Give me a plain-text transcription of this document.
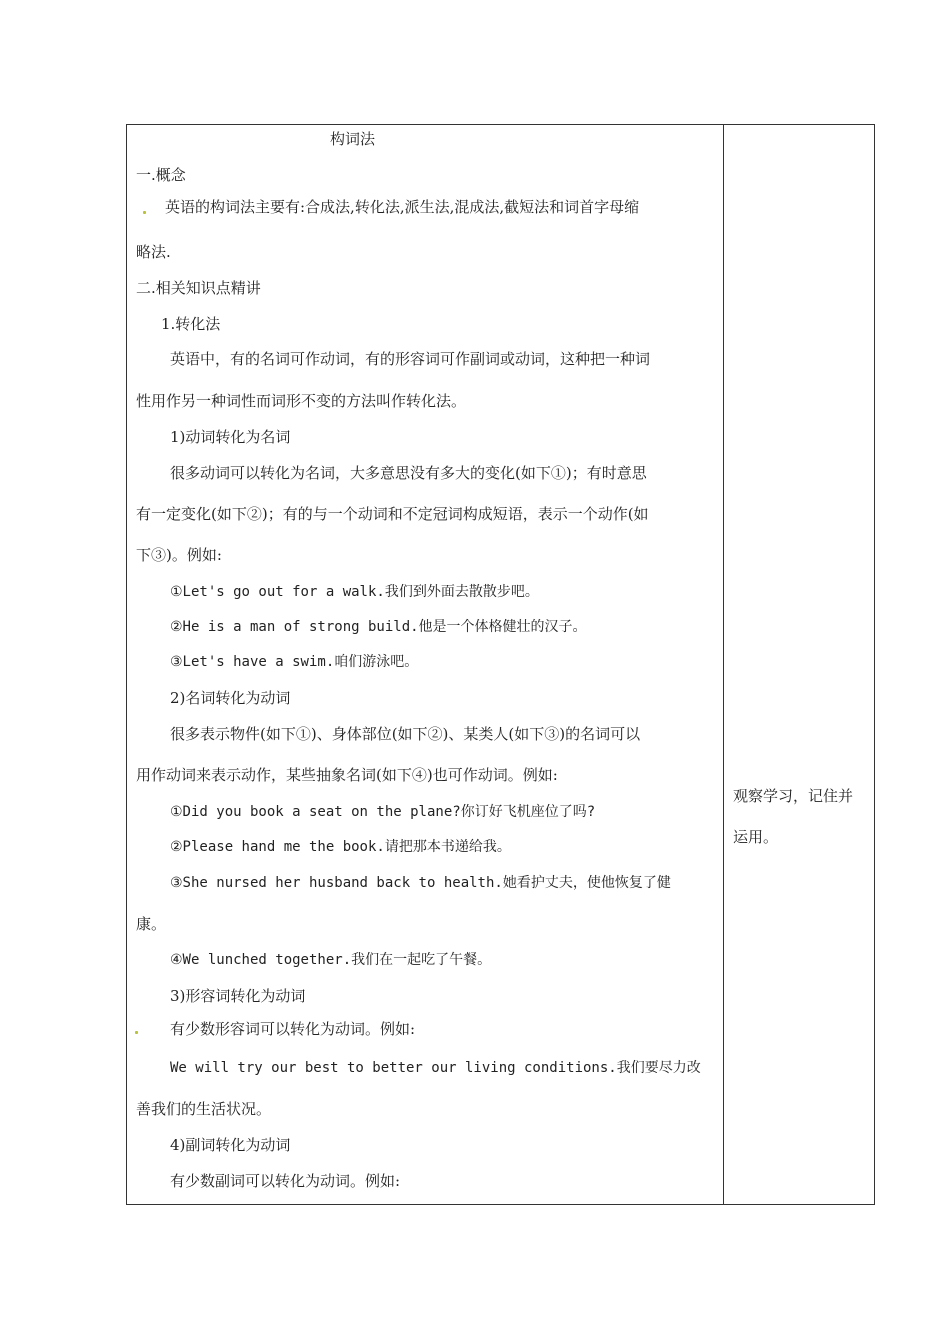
构词法
一.概念
英语的构词法主要有:合成法,转化法,派生法,混成法,截短法和词首字母缩
略法.
二.相关知识点精讲
1.转化法
英语中，有的名词可作动词，有的形容词可作副词或动词，这种把一种词
性用作另一种词性而词形不变的方法叫作转化法。
1)动词转化为名词
很多动词可以转化为名词，大多意思没有多大的变化(如下①)；有时意思
有一定变化(如下②)；有的与一个动词和不定冠词构成短语，表示一个动作(如
下③)。例如:
①Let's go out for a walk.我们到外面去散散步吧。
②He is a man of strong build.他是一个体格健壮的汉子。
③Let's have a swim.咱们游泳吧。
2)名词转化为动词
很多表示物件(如下①)、身体部位(如下②)、某类人(如下③)的名词可以
用作动词来表示动作，某些抽象名词(如下④)也可作动词。例如:
①Did you book a seat on the plane?你订好飞机座位了吗?
②Please hand me the book.请把那本书递给我。
③She nursed her husband back to health.她看护丈夫，使他恢复了健
康。
④We lunched together.我们在一起吃了午餐。
3)形容词转化为动词
有少数形容词可以转化为动词。例如:
We will try our best to better our living conditions.我们要尽力改
善我们的生活状况。
4)副词转化为动词
有少数副词可以转化为动词。例如:
观察学习，记住并
运用。
